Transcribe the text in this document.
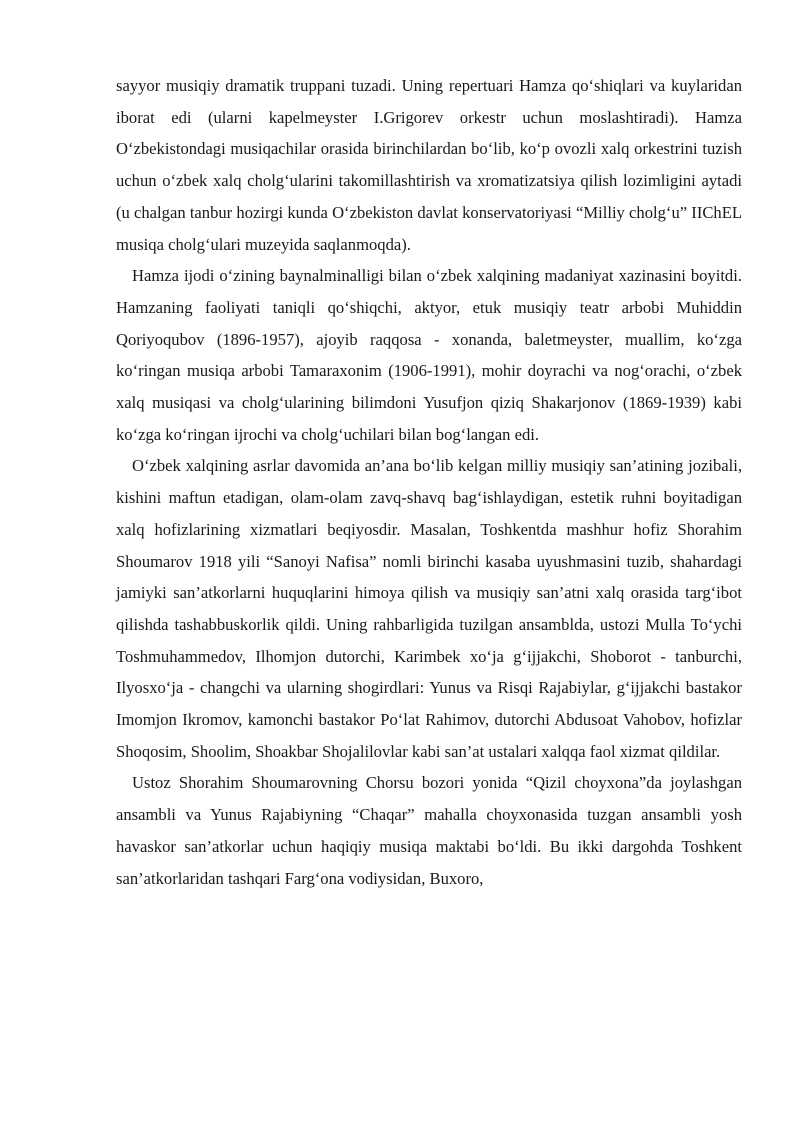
sayyor musiqiy dramatik truppani tuzadi. Uning repertuari Hamza qo‘shiqlari va kuylaridan iborat edi (ularni kapelmeyster I.Grigorev orkestr uchun moslashtiradi). Hamza O‘zbekistondagi musiqachilar orasida birinchilardan bo‘lib, ko‘p ovozli xalq orkestrini tuzish uchun o‘zbek xalq cholg‘ularini takomillashtirish va xromatizatsiya qilish lozimligini aytadi (u chalgan tanbur hozirgi kunda O‘zbekiston davlat konservatoriyasi “Milliy cholg‘u” IIChEL musiqa cholg‘ulari muzeyida saqlanmoqda).

Hamza ijodi o‘zining baynalminalligi bilan o‘zbek xalqining madaniyat xazinasini boyitdi. Hamzaning faoliyati taniqli qo‘shiqchi, aktyor, etuk musiqiy teatr arbobi Muhiddin Qoriyoqubov (1896-1957), ajoyib raqqosa - xonanda, baletmeyster, muallim, ko‘zga ko‘ringan musiqa arbobi Tamaraxonim (1906-1991), mohir doyrachi va nog‘orachi, o‘zbek xalq musiqasi va cholg‘ularining bilimdoni Yusufjon qiziq Shakarjonov (1869-1939) kabi ko‘zga ko‘ringan ijrochi va cholg‘uchilari bilan bog‘langan edi.

O‘zbek xalqining asrlar davomida an’ana bo‘lib kelgan milliy musiqiy san’atining jozibali, kishini maftun etadigan, olam-olam zavq-shavq bag‘ishlaydigan, estetik ruhni boyitadigan xalq hofizlarining xizmatlari beqiyosdir. Masalan, Toshkentda mashhur hofiz Shorahim Shoumarov 1918 yili “Sanoyi Nafisa” nomli birinchi kasaba uyushmasini tuzib, shahardagi jamiyki san’atkorlarni huquqlarini himoya qilish va musiqiy san’atni xalq orasida targ‘ibot qilishda tashabbuskorlik qildi. Uning rahbarligida tuzilgan ansamblda, ustozi Mulla To‘ychi Toshmuhammedov, Ilhomjon dutorchi, Karimbek xo‘ja g‘ijjakchi, Shoborot - tanburchi, Ilyosxo‘ja - changchi va ularning shogirdlari: Yunus va Risqi Rajabiylar, g‘ijjakchi bastakor Imomjon Ikromov, kamonchi bastakor Po‘lat Rahimov, dutorchi Abdusoat Vahobov, hofizlar Shoqosim, Shoolim, Shoakbar Shojalilovlar kabi san’at ustalari xalqqa faol xizmat qildilar.

Ustoz Shorahim Shoumarovning Chorsu bozori yonida “Qizil choyxona”da joylashgan ansambli va Yunus Rajabiyning “Chaqar” mahalla choyxonasida tuzgan ansambli yosh havaskor san’atkorlar uchun haqiqiy musiqa maktabi bo‘ldi. Bu ikki dargohda Toshkent san’atkorlaridan tashqari Farg‘ona vodiysidan, Buxoro,
